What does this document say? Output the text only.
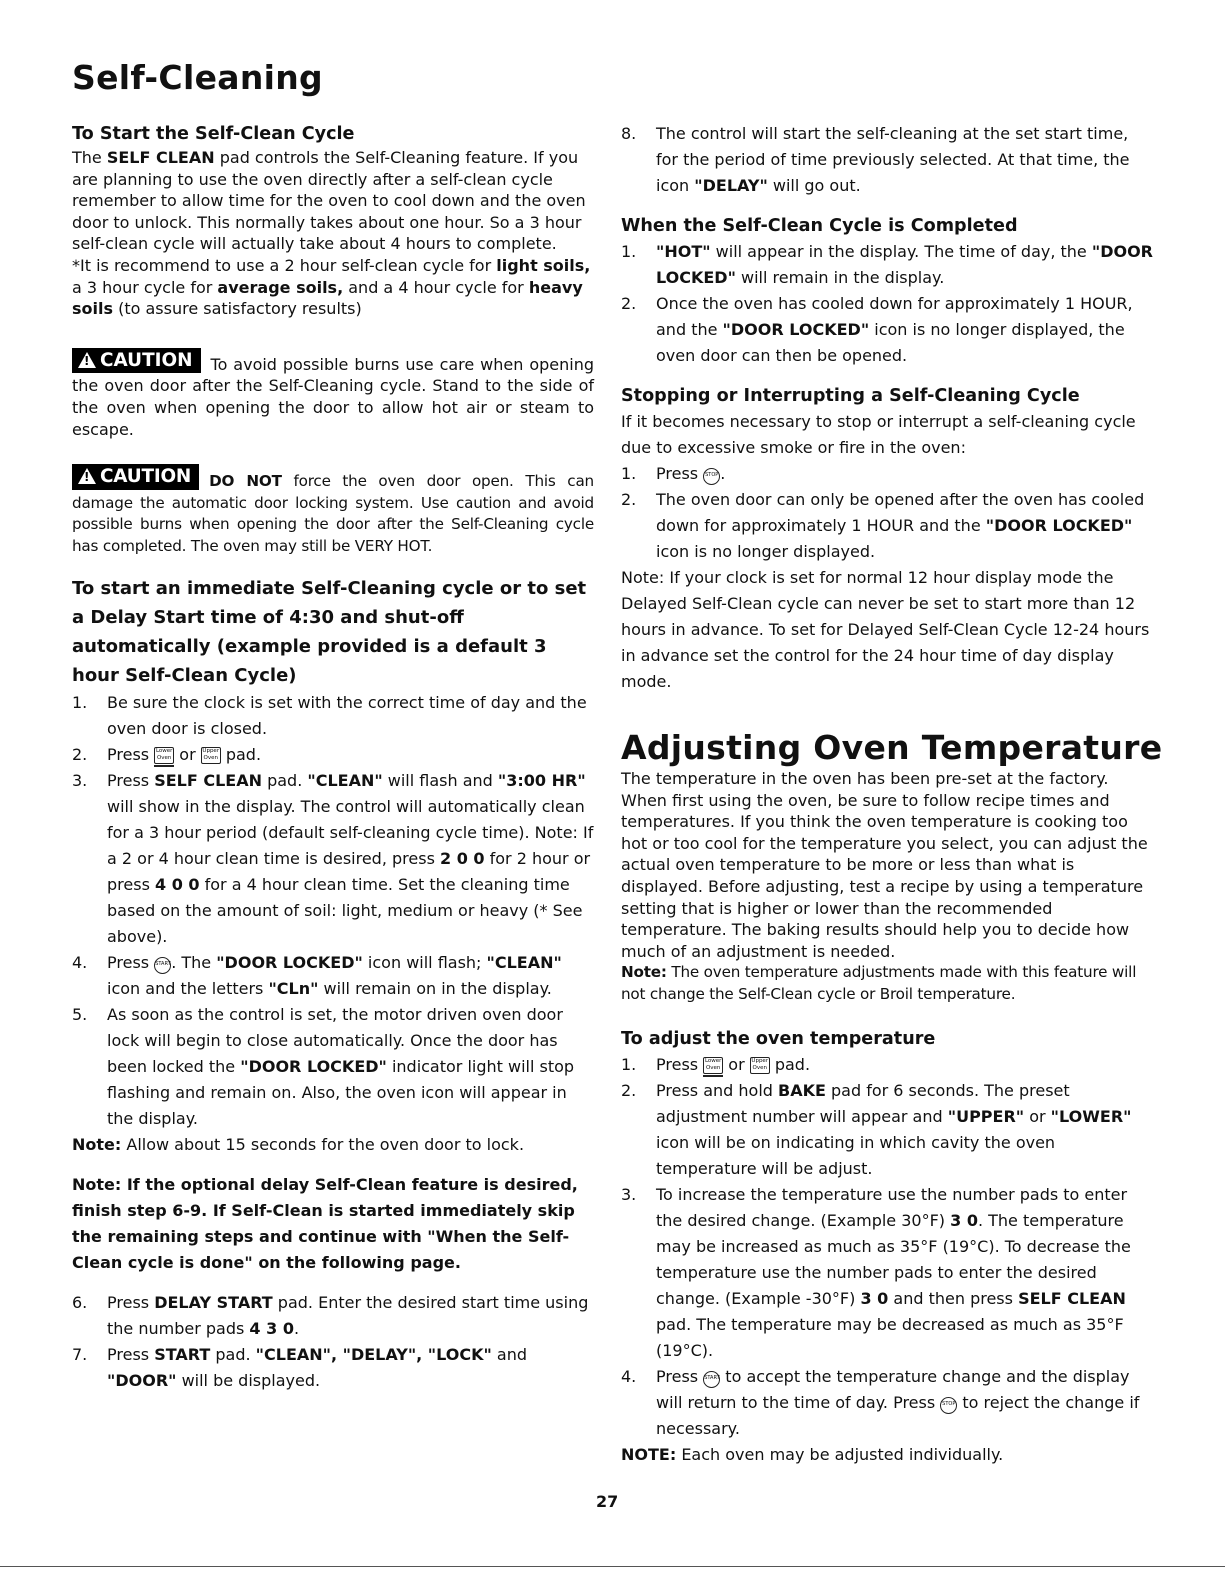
Self-Cleaning
To Start the Self-Clean Cycle

The SELF CLEAN pad controls the Self-Cleaning feature. If you are planning to use the oven directly after a self-clean cycle remember to allow time for the oven to cool down and the oven door to unlock. This normally takes about one hour. So a 3 hour self-clean cycle will actually take about 4 hours to complete.

*It is recommend to use a 2 hour self-clean cycle for light soils, a 3 hour cycle for average soils, and a 4 hour cycle for heavy soils (to assure satisfactory results)

!CAUTION To avoid possible burns use care when opening the oven door after the Self-Cleaning cycle. Stand to the side of the oven when opening the door to allow hot air or steam to escape.
!CAUTION DO NOT force the oven door open. This can damage the automatic door locking system. Use caution and avoid possible burns when opening the door after the Self-Cleaning cycle has completed. The oven may still be VERY HOT.
To start an immediate Self-Cleaning cycle or to set a Delay Start time of 4:30 and shut-off automatically (example provided is a default 3 hour Self-Clean Cycle)
1. Be sure the clock is set with the correct time of day and the oven door is closed.
2. Press Lower
Oven or Upper
Oven pad.
3. Press SELF CLEAN pad. "CLEAN" will flash and "3:00 HR" will show in the display. The control will automatically clean for a 3 hour period (default self-cleaning cycle time). Note: If a 2 or 4 hour clean time is desired, press 2 0 0 for 2 hour or press 4 0 0 for a 4 hour clean time. Set the cleaning time based on the amount of soil: light, medium or heavy (* See above).
4. Press START. The "DOOR LOCKED" icon will flash; "CLEAN" icon and the letters "CLn" will remain on in the display.
5. As soon as the control is set, the motor driven oven door lock will begin to close automatically. Once the door has been locked the "DOOR LOCKED" indicator light will stop flashing and remain on. Also, the oven icon will appear in the display.

Note: Allow about 15 seconds for the oven door to lock.

Note: If the optional delay Self-Clean feature is desired, finish step 6-9. If Self-Clean is started immediately skip the remaining steps and continue with "When the Self-Clean cycle is done" on the following page.

6. Press DELAY START pad. Enter the desired start time using the number pads 4 3 0.
7. Press START pad. "CLEAN", "DELAY", "LOCK" and "DOOR" will be displayed.
8. The control will start the self-cleaning at the set start time, for the period of time previously selected. At that time, the icon "DELAY" will go out.
When the Self-Clean Cycle is Completed
1. "HOT" will appear in the display. The time of day, the "DOOR LOCKED" will remain in the display.
2. Once the oven has cooled down for approximately 1 HOUR, and the "DOOR LOCKED" icon is no longer displayed, the oven door can then be opened.
Stopping or Interrupting a Self-Cleaning Cycle

If it becomes necessary to stop or interrupt a self-cleaning cycle due to excessive smoke or fire in the oven:

1. Press STOP .
2. The oven door can only be opened after the oven has cooled down for approximately 1 HOUR and the "DOOR LOCKED" icon is no longer displayed.

Note: If your clock is set for normal 12 hour display mode the Delayed Self-Clean cycle can never be set to start more than 12 hours in advance. To set for Delayed Self-Clean Cycle 12-24 hours in advance set the control for the 24 hour time of day display mode.

Adjusting Oven Temperature

The temperature in the oven has been pre-set at the factory. When first using the oven, be sure to follow recipe times and temperatures. If you think the oven temperature is cooking too hot or too cool for the temperature you select, you can adjust the actual oven temperature to be more or less than what is displayed. Before adjusting, test a recipe by using a temperature setting that is higher or lower than the recommended temperature. The baking results should help you to decide how much of an adjustment is needed.

Note: The oven temperature adjustments made with this feature will not change the Self-Clean cycle or Broil temperature.

To adjust the oven temperature
1. Press Lower
Oven or Upper
Oven pad.
2. Press and hold BAKE pad for 6 seconds. The preset adjustment number will appear and "UPPER" or "LOWER" icon will be on indicating in which cavity the oven temperature will be adjust.
3. To increase the temperature use the number pads to enter the desired change. (Example 30°F) 3 0. The temperature may be increased as much as 35°F (19°C). To decrease the temperature use the number pads to enter the desired change. (Example -30°F) 3 0 and then press SELF CLEAN pad. The temperature may be decreased as much as 35°F (19°C).
4. Press START to accept the temperature change and the display will return to the time of day. Press STOP to reject the change if necessary.

NOTE: Each oven may be adjusted individually.

27
